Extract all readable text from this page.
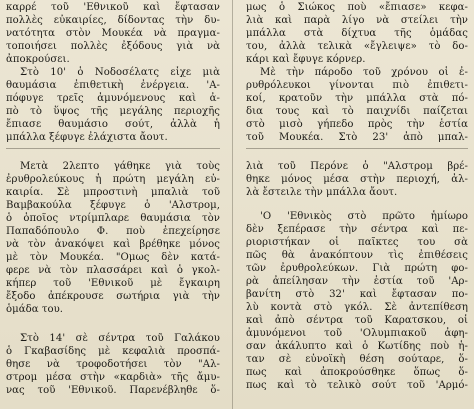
καρρέ τοῦ 'Εθνικοῦ καὶ ἔφτασαν
πολλὲς εὐκαιρίες, δίδοντας τὴν δυ-
νατότητα στὸν Μουκέα νὰ πραγμα-
τοποιήσει πολλὲς ἐξόδους γιὰ νὰ
ἀποκρούσει.
Στὸ 10' ὁ Νοδοσέλατς εἶχε μιὰ
θαυμάσια ἐπιθετικὴ ἐνέργεια. 'Α-
πόφυγε τρεῖς ἀμυνόμενους καὶ ἀ-
πὸ τὸ ὕψος τῆς μεγάλης περιοχῆς
ἔπιασε θαυμάσιο σούτ, ἀλλὰ ἡ
μπάλλα ξέφυγε ἐλάχιστα ἄουτ.
Μετὰ 2λεπτο γάθηκε γιὰ τοὺς
ἐρυθρολεύκους ἡ πρώτη μεγάλη εὐ-
καιρία. Σὲ μπροστινὴ μπαλιὰ τοῦ
Βαμβακούλα ξέφυγε ὁ 'Αλστρομ,
ὁ ὁποῖος ντρίμπλαρε θαυμάσια τὸν
Παπαδόπουλο Φ. ποὺ ἐπεχείρησε
νὰ τὸν ἀνακόψει καὶ βρέθηκε μόνος
μὲ τὸν Μουκέα. "Ομως δὲν κατά-
φερε νὰ τὸν πλασσάρει καὶ ὁ γκολ-
κήπερ τοῦ 'Εθνικοῦ μὲ ἔγκαιρη
ἔξοδο ἀπέκρουσε σωτήρια γιὰ τὴν
ὁμάδα του.
Στὸ 14' σὲ σέντρα τοῦ Γαλάκου
ὁ Γκαβασίδης μὲ κεφαλιὰ προσπά-
θησε νὰ τροφοδοτήσει τὸν "Αλ-
στρομ μέσα στὴν «καρδιὰ» τῆς ἄμυ-
νας τοῦ 'Εθνικοῦ. Παρενέβληθε ὅ-
μως ὁ Σιώκος ποὺ «ἔπιασε» κεφα-
λιὰ καὶ παρὰ λίγο νὰ στείλει τὴν
μπάλλα στὰ δίχτυα τῆς ὁμάδας
του, ἀλλὰ τελικὰ «ἔγλειψε» τὸ δο-
κάρι καὶ ἔφυγε κόρνερ.
Μὲ τὴν πάροδο τοῦ χρόνου οἱ ἐ-
ρυθρόλευκοι γίνονται πιὸ ἐπιθετι-
κοί, κρατοῦν τὴν μπάλλα στὰ πό-
δια τους καὶ τὸ παιχνίδι παίζεται
στὸ μισὸ γήπεδο πρὸς τὴν ἑστία
τοῦ Μουκέα. Στὸ 23' ἀπὸ μπαλ-
λιὰ τοῦ Περόνε ὁ "Αλστρομ βρέ-
θηκε μόνος μέσα στὴν περιοχή, ἀλ-
λὰ ἔστειλε τὴν μπάλλα ἄουτ.
'Ο 'Εθνικὸς στὸ πρῶτο ἡμίωρο
δὲν ξεπέρασε τὴν σέντρα καὶ πε-
ριοριστήκαν οἱ παῖκτες του σὰ
πῶς θὰ ἀνακόπτουν τὶς ἐπιθέσεις
τῶν ἐρυθρολεύκων. Γιὰ πρώτη φο-
ρὰ ἀπείλησαν τὴν ἑστία τοῦ 'Αρ-
βανίτη στὸ 32' καὶ ἔφτασαν πο-
λὺ κοντὰ στὸ γκόλ. Σὲ ἀντεπίθεση
καὶ ἀπὸ σέντρα τοῦ Καρατσκου, οἱ
ἀμυνόμενοι τοῦ 'Ολυμπιακοῦ ἀφη-
σαν ἀκάλυπτο καὶ ὁ Κωτίδης ποὺ ἡ-
ταν σὲ εὐνοϊκὴ θέση σούταρε, ὅ-
πως καὶ ἀποκρούσθηκε ὅπως ὅ-
πως καὶ τὸ τελικὸ σούτ τοῦ 'Αρμό-
